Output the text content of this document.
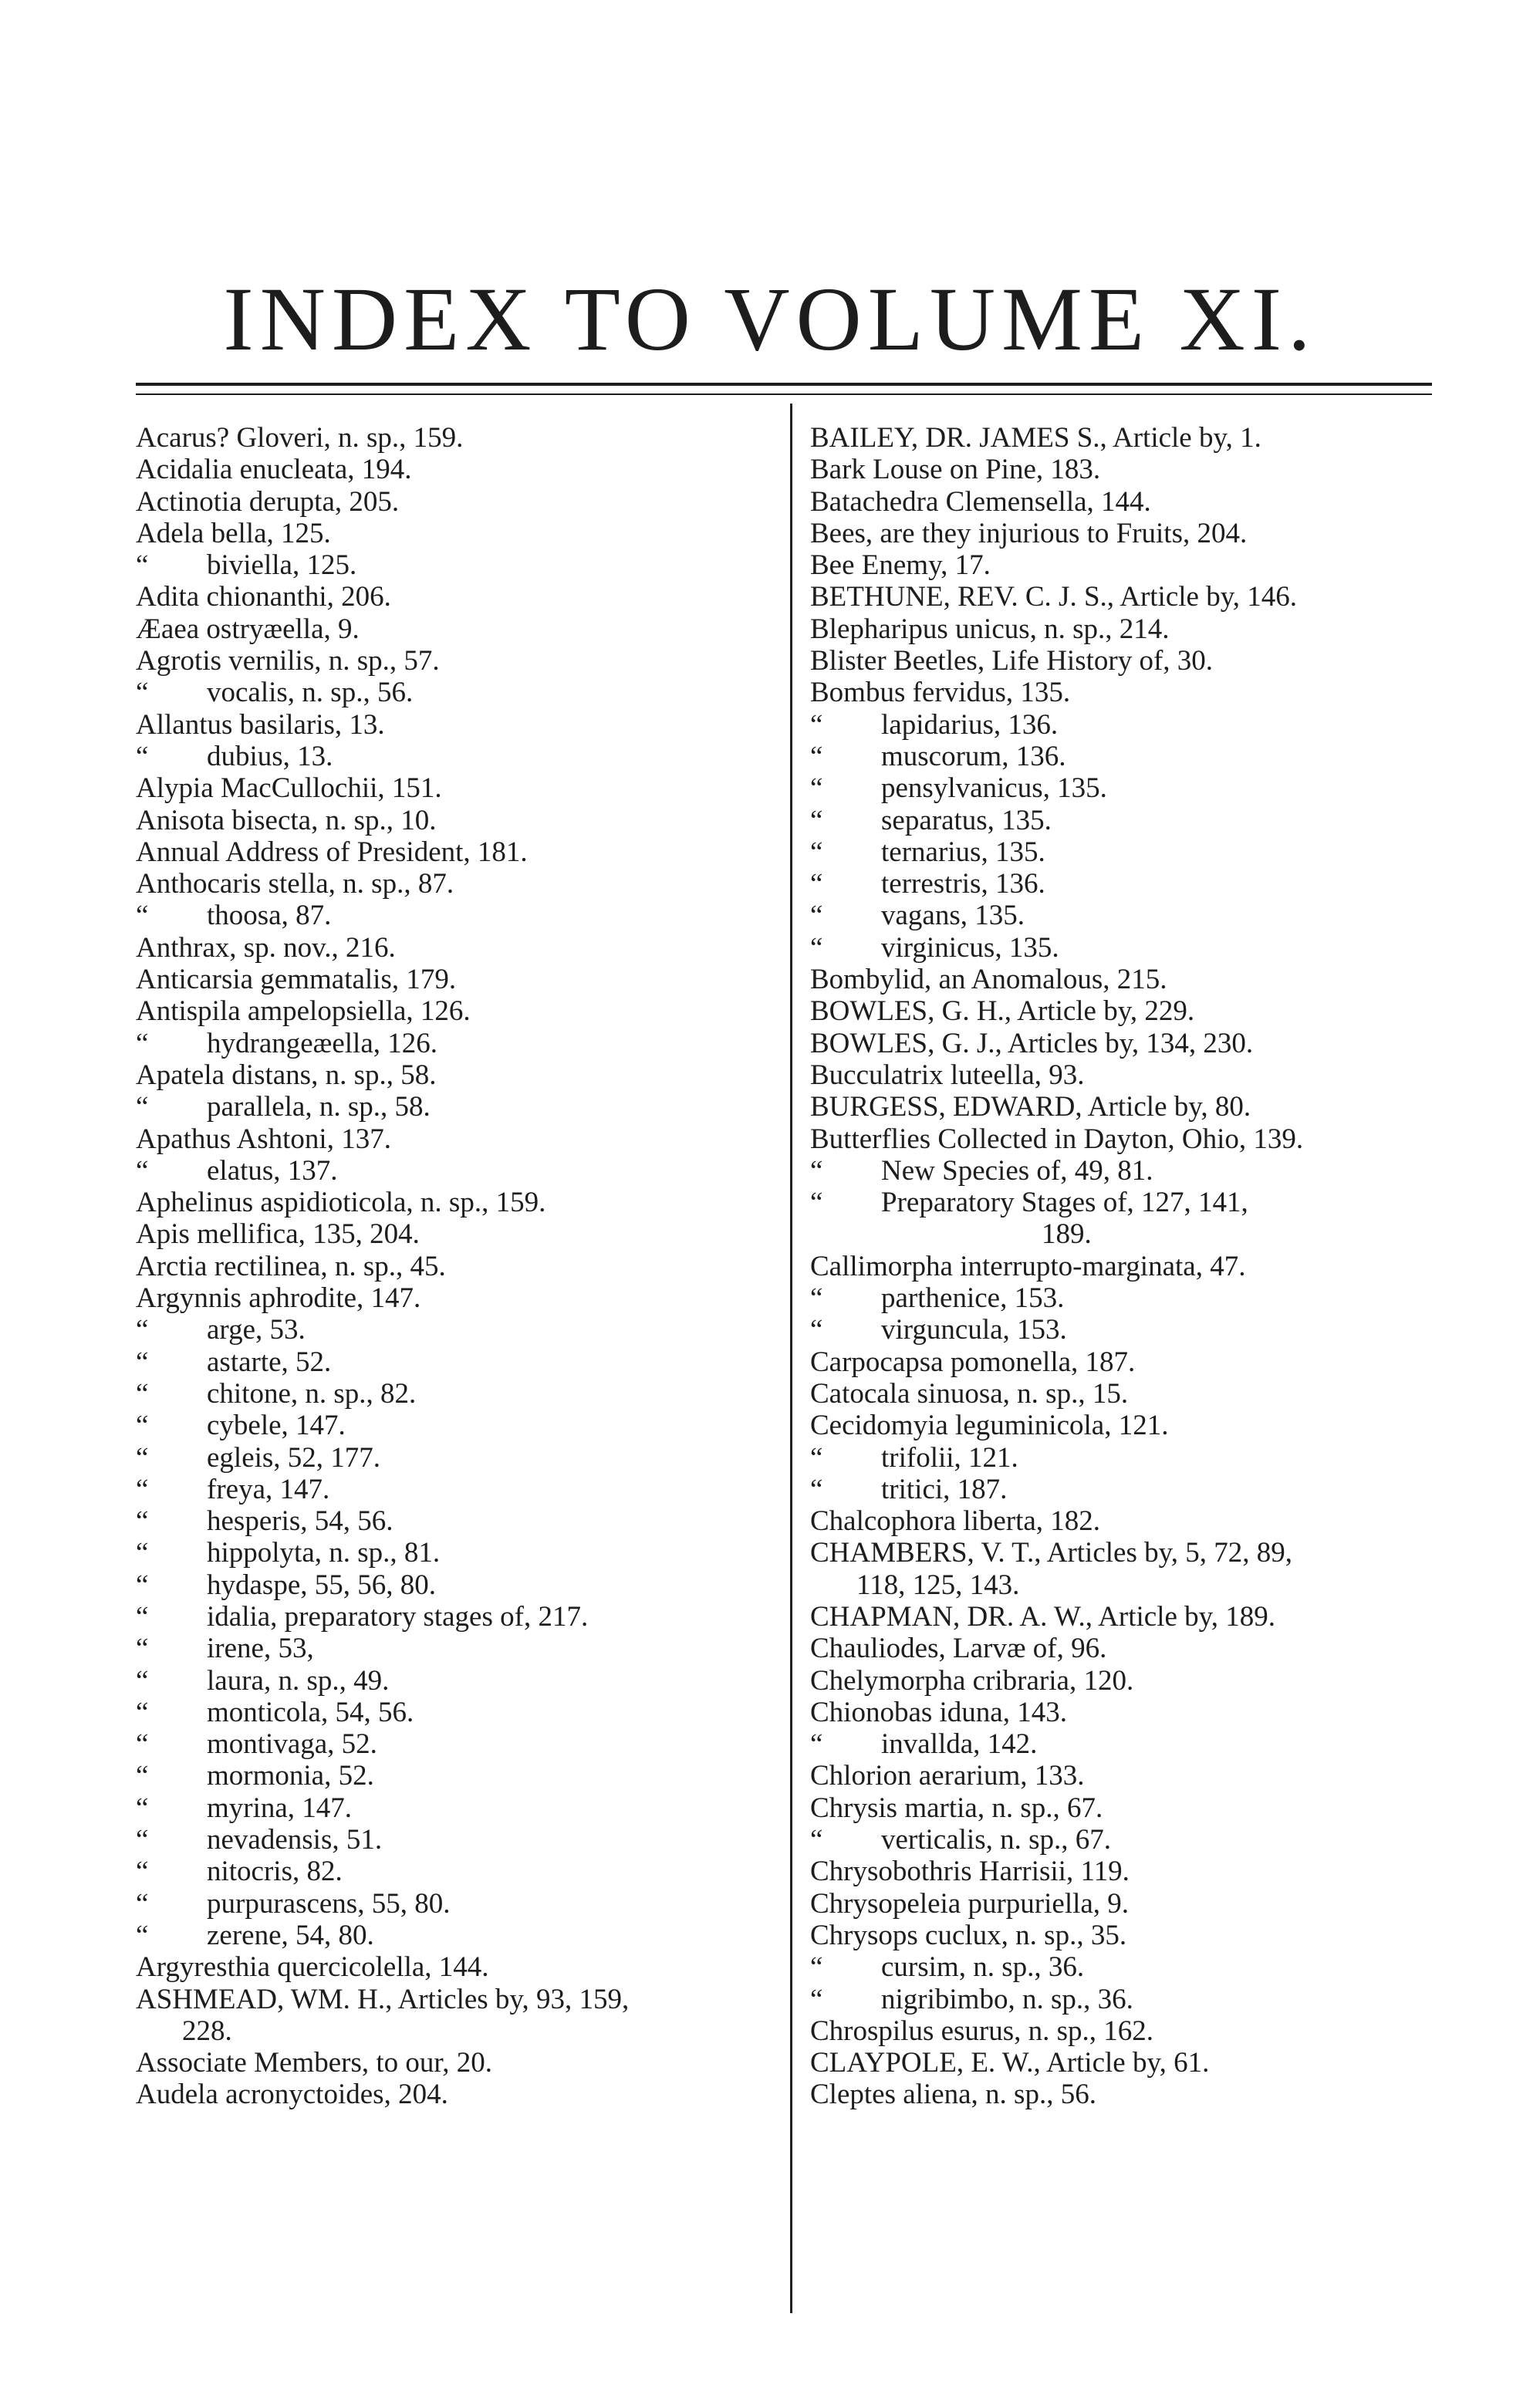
INDEX TO VOLUME XI.

Acarus? Gloveri, n. sp., 159.

Acidalia enucleata, 194.

Actinotia derupta, 205.

Adela bella, 125.

“ biviella, 125.

Adita chionanthi, 206.

Æaea ostryæella, 9.

Agrotis vernilis, n. sp., 57.

“ vocalis, n. sp., 56.

Allantus basilaris, 13.

“ dubius, 13.

Alypia MacCullochii, 151.

Anisota bisecta, n. sp., 10.

Annual Address of President, 181.

Anthocaris stella, n. sp., 87.

“ thoosa, 87.

Anthrax, sp. nov., 216.

Anticarsia gemmatalis, 179.

Antispila ampelopsiella, 126.

“ hydrangeæella, 126.

Apatela distans, n. sp., 58.

“ parallela, n. sp., 58.

Apathus Ashtoni, 137.

“ elatus, 137.

Aphelinus aspidioticola, n. sp., 159.

Apis mellifica, 135, 204.

Arctia rectilinea, n. sp., 45.

Argynnis aphrodite, 147.

“ arge, 53.

“ astarte, 52.

“ chitone, n. sp., 82.

“ cybele, 147.

“ egleis, 52, 177.

“ freya, 147.

“ hesperis, 54, 56.

“ hippolyta, n. sp., 81.

“ hydaspe, 55, 56, 80.

“ idalia, preparatory stages of, 217.

“ irene, 53,

“ laura, n. sp., 49.

“ monticola, 54, 56.

“ montivaga, 52.

“ mormonia, 52.

“ myrina, 147.

“ nevadensis, 51.

“ nitocris, 82.

“ purpurascens, 55, 80.

“ zerene, 54, 80.

Argyresthia quercicolella, 144.

ASHMEAD, WM. H., Articles by, 93, 159,

228.

Associate Members, to our, 20.

Audela acronyctoides, 204.

BAILEY, DR. JAMES S., Article by, 1.

Bark Louse on Pine, 183.

Batachedra Clemensella, 144.

Bees, are they injurious to Fruits, 204.

Bee Enemy, 17.

BETHUNE, REV. C. J. S., Article by, 146.

Blepharipus unicus, n. sp., 214.

Blister Beetles, Life History of, 30.

Bombus fervidus, 135.

“ lapidarius, 136.

“ muscorum, 136.

“ pensylvanicus, 135.

“ separatus, 135.

“ ternarius, 135.

“ terrestris, 136.

“ vagans, 135.

“ virginicus, 135.

Bombylid, an Anomalous, 215.

BOWLES, G. H., Article by, 229.

BOWLES, G. J., Articles by, 134, 230.

Bucculatrix luteella, 93.

BURGESS, EDWARD, Article by, 80.

Butterflies Collected in Dayton, Ohio, 139.

“ New Species of, 49, 81.

“ Preparatory Stages of, 127, 141,

189.

Callimorpha interrupto-marginata, 47.

“ parthenice, 153.

“ virguncula, 153.

Carpocapsa pomonella, 187.

Catocala sinuosa, n. sp., 15.

Cecidomyia leguminicola, 121.

“ trifolii, 121.

“ tritici, 187.

Chalcophora liberta, 182.

CHAMBERS, V. T., Articles by, 5, 72, 89,

118, 125, 143.

CHAPMAN, DR. A. W., Article by, 189.

Chauliodes, Larvæ of, 96.

Chelymorpha cribraria, 120.

Chionobas iduna, 143.

“ invallda, 142.

Chlorion aerarium, 133.

Chrysis martia, n. sp., 67.

“ verticalis, n. sp., 67.

Chrysobothris Harrisii, 119.

Chrysopeleia purpuriella, 9.

Chrysops cuclux, n. sp., 35.

“ cursim, n. sp., 36.

“ nigribimbo, n. sp., 36.

Chrospilus esurus, n. sp., 162.

CLAYPOLE, E. W., Article by, 61.

Cleptes aliena, n. sp., 56.
